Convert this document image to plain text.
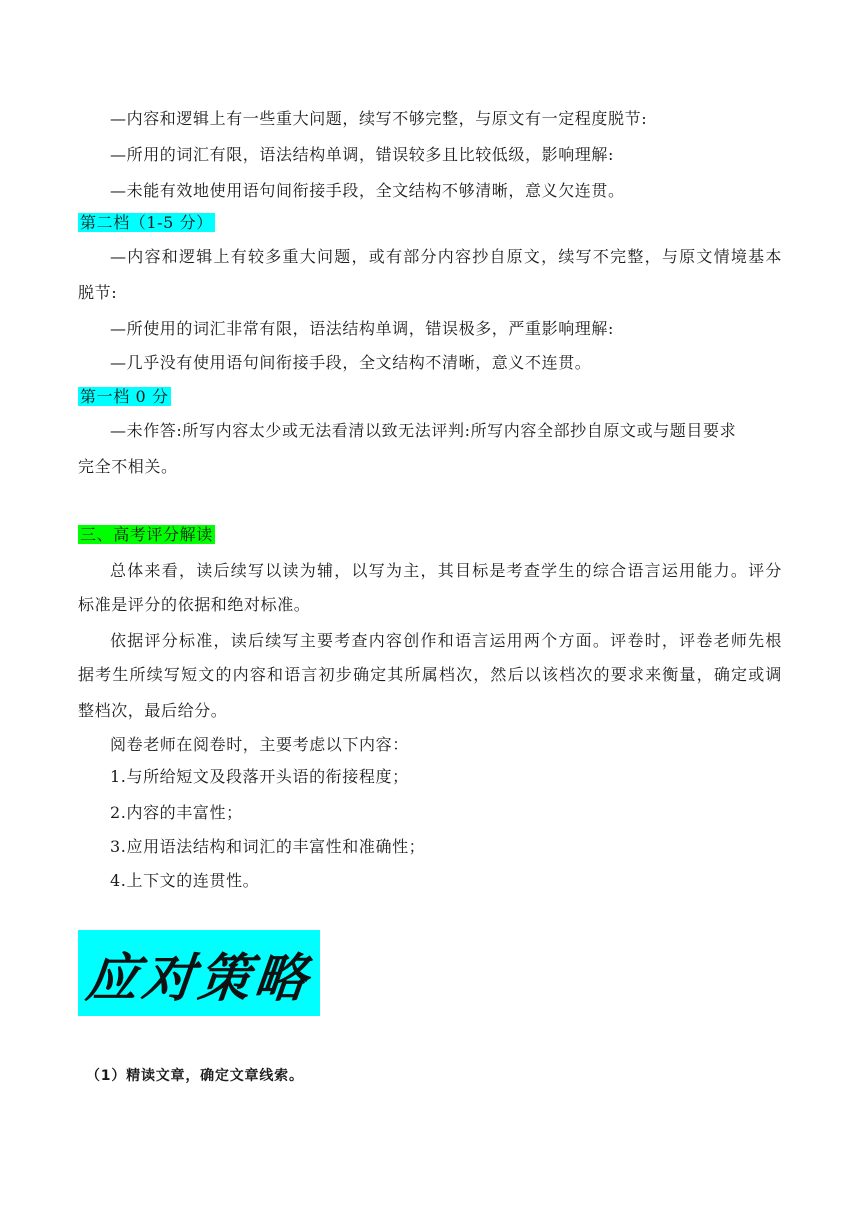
—内容和逻辑上有一些重大问题，续写不够完整，与原文有一定程度脱节:
—所用的词汇有限，语法结构单调，错误较多且比较低级，影响理解:
—未能有效地使用语句间衔接手段，全文结构不够清晰，意义欠连贯。
第二档（1-5 分）
—内容和逻辑上有较多重大问题，或有部分内容抄自原文，续写不完整，与原文情境基本
脱节:
—所使用的词汇非常有限，语法结构单调，错误极多，严重影响理解:
—几乎没有使用语句间衔接手段，全文结构不清晰，意义不连贯。
第一档 0 分
—未作答:所写内容太少或无法看清以致无法评判:所写内容全部抄自原文或与题目要求
完全不相关。
三、高考评分解读
总体来看，读后续写以读为辅，以写为主，其目标是考查学生的综合语言运用能力。评分
标准是评分的依据和绝对标准。
依据评分标准，读后续写主要考查内容创作和语言运用两个方面。评卷时，评卷老师先根
据考生所续写短文的内容和语言初步确定其所属档次，然后以该档次的要求来衡量，确定或调
整档次，最后给分。
阅卷老师在阅卷时，主要考虑以下内容：
1.与所给短文及段落开头语的衔接程度；
2.内容的丰富性；
3.应用语法结构和词汇的丰富性和准确性；
4.上下文的连贯性。
应对策略
（1）精读文章，确定文章线索。
